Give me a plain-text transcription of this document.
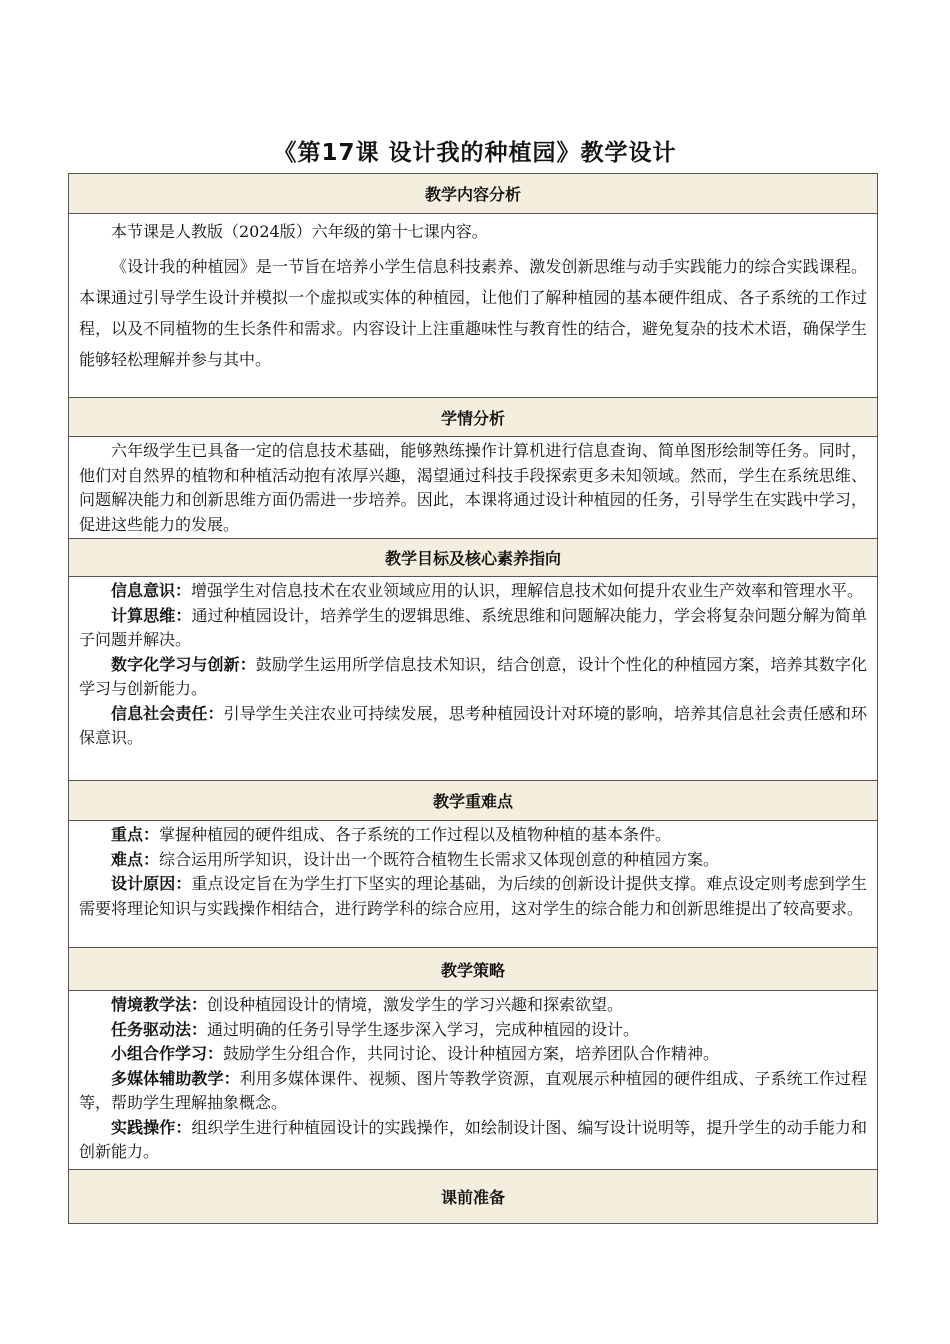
《第17课 设计我的种植园》教学设计
教学内容分析

本节课是人教版（2024版）六年级的第十七课内容。

《设计我的种植园》是一节旨在培养小学生信息科技素养、激发创新思维与动手实践能力的综合实践课程。本课通过引导学生设计并模拟一个虚拟或实体的种植园，让他们了解种植园的基本硬件组成、各子系统的工作过程，以及不同植物的生长条件和需求。内容设计上注重趣味性与教育性的结合，避免复杂的技术术语，确保学生能够轻松理解并参与其中。

学情分析

六年级学生已具备一定的信息技术基础，能够熟练操作计算机进行信息查询、简单图形绘制等任务。同时，他们对自然界的植物和种植活动抱有浓厚兴趣，渴望通过科技手段探索更多未知领域。然而，学生在系统思维、问题解决能力和创新思维方面仍需进一步培养。因此，本课将通过设计种植园的任务，引导学生在实践中学习，促进这些能力的发展。

教学目标及核心素养指向

信息意识：增强学生对信息技术在农业领域应用的认识，理解信息技术如何提升农业生产效率和管理水平。

计算思维：通过种植园设计，培养学生的逻辑思维、系统思维和问题解决能力，学会将复杂问题分解为简单子问题并解决。

数字化学习与创新：鼓励学生运用所学信息技术知识，结合创意，设计个性化的种植园方案，培养其数字化学习与创新能力。

信息社会责任：引导学生关注农业可持续发展，思考种植园设计对环境的影响，培养其信息社会责任感和环保意识。

教学重难点

重点：掌握种植园的硬件组成、各子系统的工作过程以及植物种植的基本条件。

难点：综合运用所学知识，设计出一个既符合植物生长需求又体现创意的种植园方案。

设计原因：重点设定旨在为学生打下坚实的理论基础，为后续的创新设计提供支撑。难点设定则考虑到学生需要将理论知识与实践操作相结合，进行跨学科的综合应用，这对学生的综合能力和创新思维提出了较高要求。

教学策略

情境教学法：创设种植园设计的情境，激发学生的学习兴趣和探索欲望。

任务驱动法：通过明确的任务引导学生逐步深入学习，完成种植园的设计。

小组合作学习：鼓励学生分组合作，共同讨论、设计种植园方案，培养团队合作精神。

多媒体辅助教学：利用多媒体课件、视频、图片等教学资源，直观展示种植园的硬件组成、子系统工作过程等，帮助学生理解抽象概念。

实践操作：组织学生进行种植园设计的实践操作，如绘制设计图、编写设计说明等，提升学生的动手能力和创新能力。

课前准备
